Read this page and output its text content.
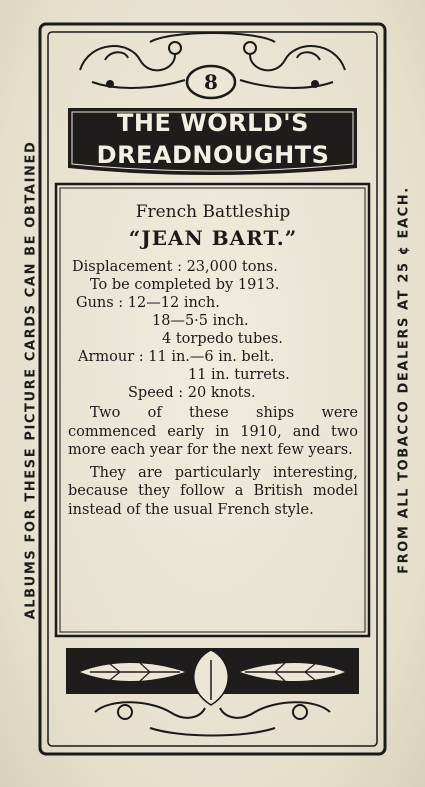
ALBUMS FOR THESE PICTURE CARDS CAN BE OBTAINED	FROM ALL TOBACCO DEALERS AT 25 ¢ EACH.
8
THE WORLD'S
DREADNOUGHTS
French Battleship
“JEAN BART.”
Displacement : 23,000 tons.
To be completed by 1913.
Guns : 12—12 inch.
18—5·5 inch.
4 torpedo tubes.
Armour : 11 in.—6 in. belt.
11 in. turrets.
Speed : 20 knots.

Two of these ships were commenced early in 1910, and two more each year for the next few years.

They are particularly interesting, because they follow a British model instead of the usual French style.
